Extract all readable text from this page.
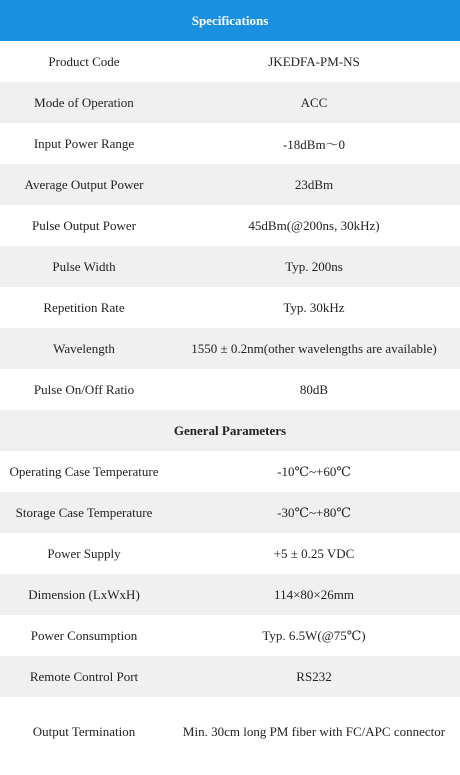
Specifications	
Product Code	JKEDFA-PM-NS
Mode of Operation	ACC
Input Power Range	-18dBm～0
Average Output Power	23dBm
Pulse Output Power	45dBm(@200ns, 30kHz)
Pulse Width	Typ. 200ns
Repetition Rate	Typ. 30kHz
Wavelength	1550 ± 0.2nm(other wavelengths are available)
Pulse On/Off Ratio	80dB
General Parameters	
Operating Case Temperature	-10℃~+60℃
Storage Case Temperature	-30℃~+80℃
Power Supply	+5 ± 0.25 VDC
Dimension (LxWxH)	114×80×26mm
Power Consumption	Typ. 6.5W(@75℃)
Remote Control Port	RS232
Output Termination	Min. 30cm long PM fiber with FC/APC connector
